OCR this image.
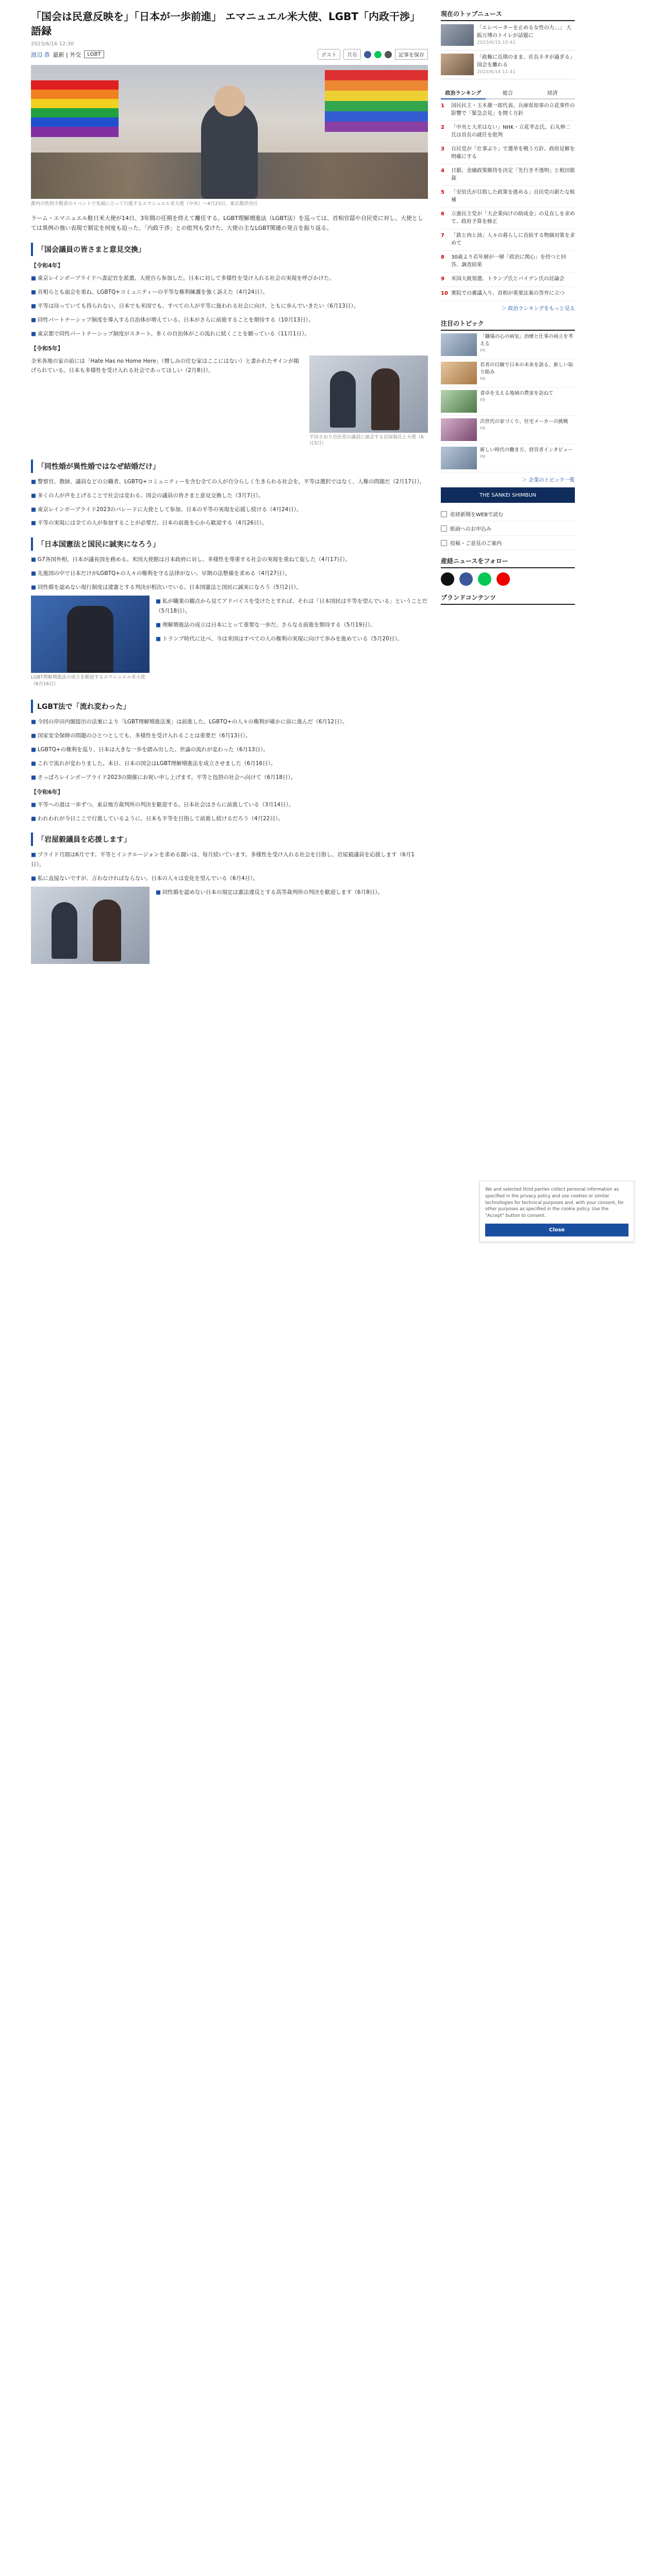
「国会は民意反映を」「日本が一歩前進」 エマニュエル米大使、LGBT「内政干渉」語録
2023/6/16 12:30
渡辺 恭 最新 | 外交	LGBT	ポスト	共有	記事を保存
都内の性的少数者のイベントで先頭に立って行進するエマニュエル米大使（中央）＝4月23日、東京都渋谷区

ラーム・エマニュエル駐日米大使が14日、3年間の任期を終えて離任する。LGBT理解増進法（LGBT法）を巡っては、首相官邸や自民党に対し、大使としては異例の強い表現で制定を何度も迫った。「内政干渉」との批判も受けた。大使の主なLGBT関連の発言を振り返る。

「国会議員の皆さまと意見交換」
【令和4年】

■ 東京レインボープライドへ書記官を派遣。大使自ら参加した。日本に対して多様性を受け入れる社会の実現を呼びかけた。

■ 首相らとも面会を重ね、LGBTQ+コミュニティーの平等な権利擁護を強く訴えた（4月24日）。

■ 平等は待っていても得られない。日本でも米国でも、すべての人が平等に扱われる社会に向け、ともに歩んでいきたい（6月13日）。

■ 同性パートナーシップ制度を導入する自治体が増えている。日本がさらに前進することを期待する（10月13日）。

■ 東京都で同性パートナーシップ制度がスタート。多くの自治体がこの流れに続くことを願っている（11月1日）。

【令和5年】
平田さおり自民党の議員に面会する岩屋毅氏と大使（6月5日）

全米各地の家の前には「Hate Has no Home Here」（憎しみの住む家はここにはない）と書かれたサインが掲げられている。日本も多様性を受け入れる社会であってほしい（2月8日）。

「同性婚が異性婚ではなぜ結婚だけ」

■ 警察官、教師、議員などの公職者、LGBTQ+コミュニティーを含む全ての人が自分らしく生きられる社会を。平等は選択ではなく、人権の問題だ（2月17日）。

■ 多くの人が声を上げることで社会は変わる。国会の議員の皆さまと意見交換した（3月7日）。

■ 東京レインボープライド2023のパレードに大使として参加。日本の平等の実現を応援し続ける（4月24日）。

■ 平等の実現には全ての人が参加することが必要だ。日本の前進を心から歓迎する（4月26日）。

「日本国憲法と国民に誠実になろう」

■ G7各国外相、日本が議長国を務める。米国大使館は日本政府に対し、多様性を尊重する社会の実現を重ねて促した（4月17日）。

■ 先進国の中で日本だけがLGBTQ+の人々の権利を守る法律がない。早期の法整備を求める（4月27日）。

■ 同性婚を認めない現行制度は違憲とする判決が相次いでいる。日本国憲法と国民に誠実になろう（5月2日）。

LGBT理解増進法の成立を歓迎するエマニュエル米大使（6月16日）

■ 私が職業の観点から見てアドバイスを受けたとすれば、それは「日本国民は平等を望んでいる」ということだ（5月18日）。

■ 理解増進法の成立は日本にとって重要な一歩だ。さらなる前進を期待する（5月19日）。

■ トランプ時代に比べ、今は米国はすべての人の権利の実現に向けて歩みを進めている（5月20日）。

LGBT法で「流れ変わった」

■ 今回の岸田内閣提出の法案により「LGBT理解増進法案」は前進した。LGBTQ+の人々の権利が確かに前に進んだ（6月12日）。

■ 国家安全保障の問題のひとつとしても、多様性を受け入れることは重要だ（6月13日）。

■ LGBTQ+の権利を巡り、日本は大きな一歩を踏み出した。世論の流れが変わった（6月13日）。

■ これで流れが変わりました。本日、日本の国会はLGBT理解増進法を成立させました（6月16日）。

■ さっぽろレインボープライド2023の開催にお祝い申し上げます。平等と包摂の社会へ向けて（6月18日）。

【令和6年】

■ 平等への道は一歩ずつ。東京地方裁判所の判決を歓迎する。日本社会はさらに前進している（3月14日）。

■ われわれが今日ここで行進しているように、日本も平等を目指して前進し続けるだろう（4月22日）。

「岩屋毅議員を応援します」

■ プライド月間は6月です。平等とインクルージョンを求める闘いは、毎月続いています。多様性を受け入れる社会を目指し、岩屋毅議員を応援します（6月1日）。

■ 私に直接ないですが、言わなければならない。日本の人々は変化を望んでいる（6月4日）。

■ 同性婚を認めない日本の規定は憲法違反とする高等裁判所の判決を歓迎します（6月8日）。

現在のトップニュース
「エレベーターを止める女性の力…」 大阪万博のトイレが話題に
2023/6/15 10:41
「政権に長期のまま、社長ネタが過ぎる」 国会を離れる
2023/6/14 11:41
政治ランキング	総合	経済
1	国民民主・玉木雄一郎代表、兵庫県知事の立花事件の影響で「緊急会見」を開く方針
2	「中央と大差はない」NHK・立花孝志氏、石丸伸二氏は首長の就任を批判
3	自民党が「仕事ぶり」で選挙を戦う方針、政府見解を明確にする
4	日銀、金融政策維持を決定「先行き不透明」と植田総裁
5	「安倍氏が目指した政策を進める」自民党の新たな候補
6	立憲民主党が「大企業向けの助成金」の見直しを求めて、政府予算を修正
7	「鉄と肉と油」人々の暮らしに直結する物価対策を求めて
8	30歳より若年層が一層「政治に関心」を持つと回答、調査結果
9	米国大統領選、トランプ氏とバイデン氏の討論会
10 衆院での審議入り、首相が重要法案の答弁に立つ
＞ 政治ランキングをもっと見る
注目のトピック
「職場の心の病気」治療と仕事の両立を考える
PR
若者の目線で日本の未来を語る、新しい取り組み
PR
食卓を支える地域の農家を訪ねて
PR
次世代の家づくり、住宅メーカーの挑戦
PR
新しい時代の働き方、経営者インタビュー
PR
＞ 企業のトピック一覧
THE SANKEI SHIMBUN
産経新聞をWEBで読む
紙面へのお申込み
投稿・ご意見のご案内
産経ニュースをフォロー
ブランドコンテンツ
We and selected third parties collect personal information as specified in the privacy policy and use cookies or similar technologies for technical purposes and, with your consent, for other purposes as specified in the cookie policy. Use the "Accept" button to consent.
Close
